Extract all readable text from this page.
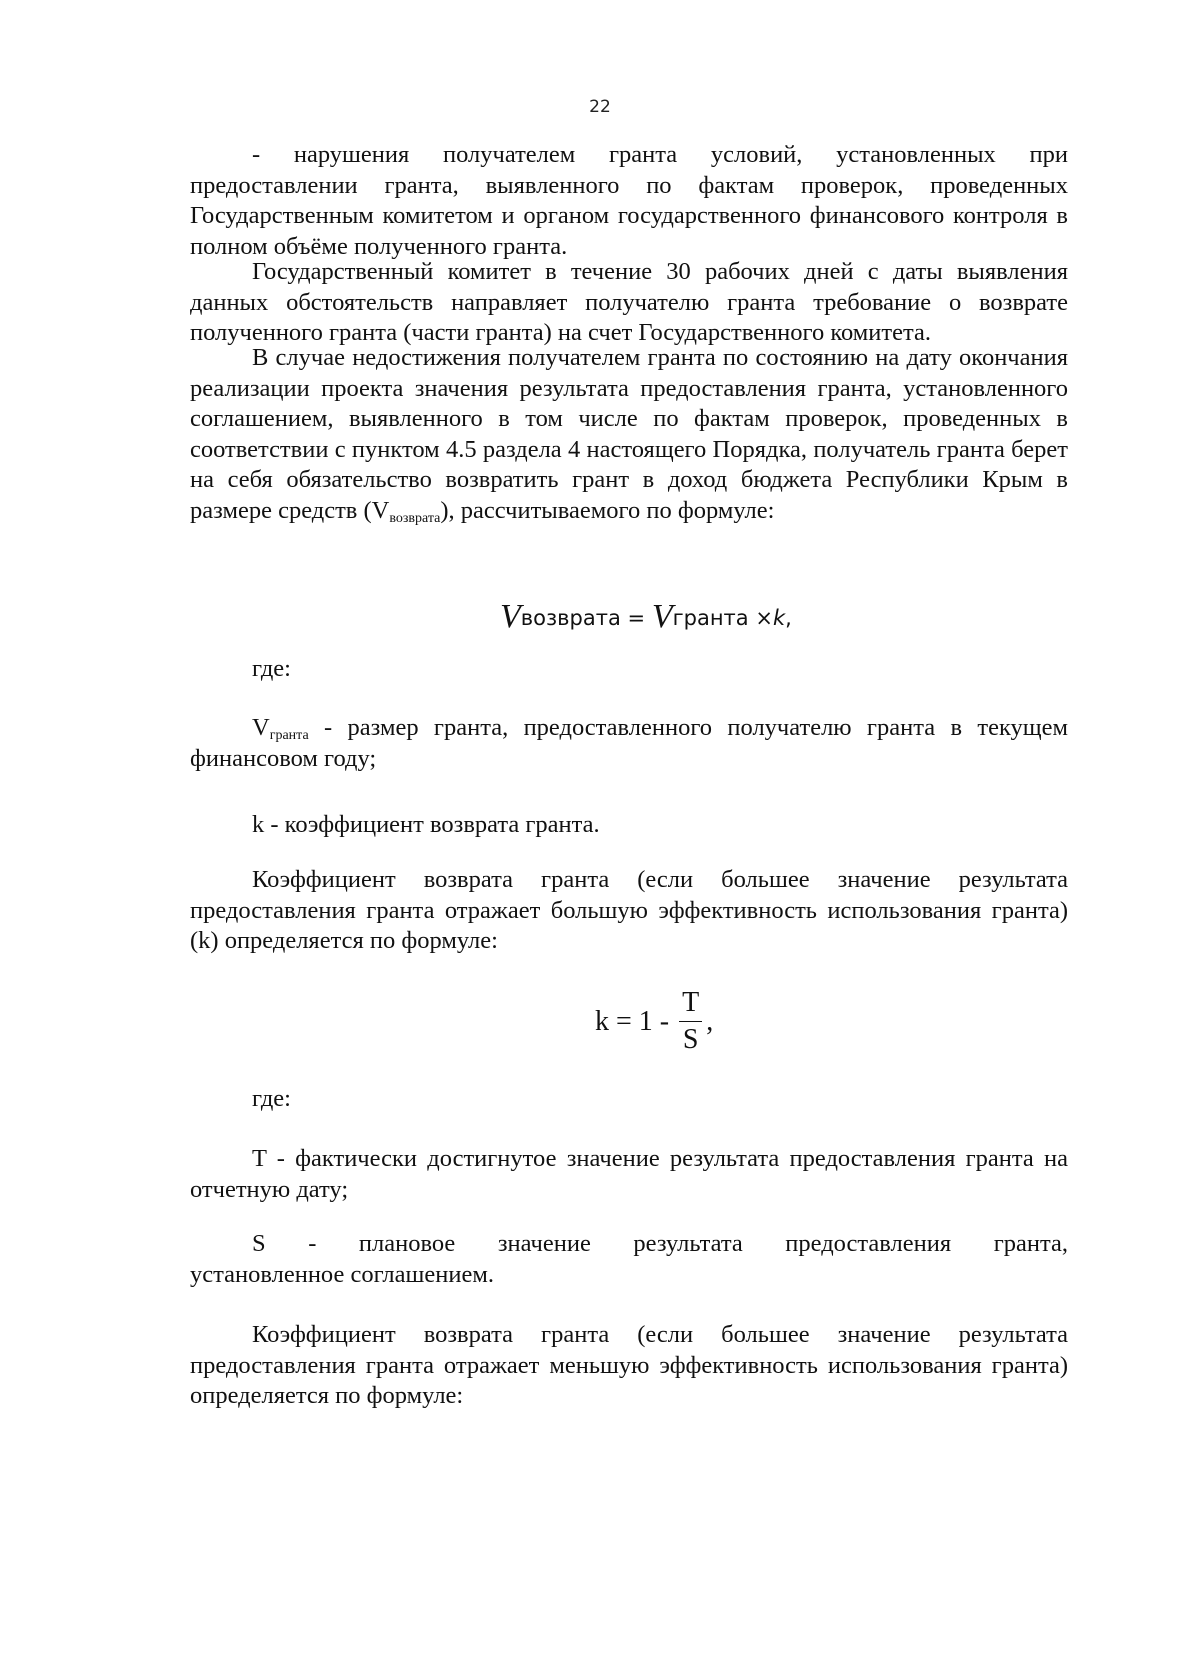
22

- нарушения получателем гранта условий, установленных при предоставлении гранта, выявленного по фактам проверок, проведенных Государственным комитетом и органом государственного финансового контроля в полном объёме полученного гранта.

Государственный комитет в течение 30 рабочих дней с даты выявления данных обстоятельств направляет получателю гранта требование о возврате полученного гранта (части гранта) на счет Государственного комитета.

В случае недостижения получателем гранта по состоянию на дату окончания реализации проекта значения результата предоставления гранта, установленного соглашением, выявленного в том числе по фактам проверок, проведенных в соответствии с пунктом 4.5 раздела 4 настоящего Порядка, получатель гранта берет на себя обязательство возвратить грант в доход бюджета Республики Крым в размере средств $(V_{возврата})$, рассчитываемого по формуле:

Vвозврата = Vгранта ×k,

где:

$V_{гранта}$ - размер гранта, предоставленного получателю гранта в текущем финансовом году;

k - коэффициент возврата гранта.

Коэффициент возврата гранта (если большее значение результата предоставления гранта отражает большую эффективность использования гранта) (k) определяется по формуле:

$k = 1 - \frac{T}{S}$ ,

где:

T - фактически достигнутое значение результата предоставления гранта на отчетную дату;

S - плановое значение результата предоставления гранта,

установленное соглашением.

Коэффициент возврата гранта (если большее значение результата предоставления гранта отражает меньшую эффективность использования гранта) определяется по формуле:
